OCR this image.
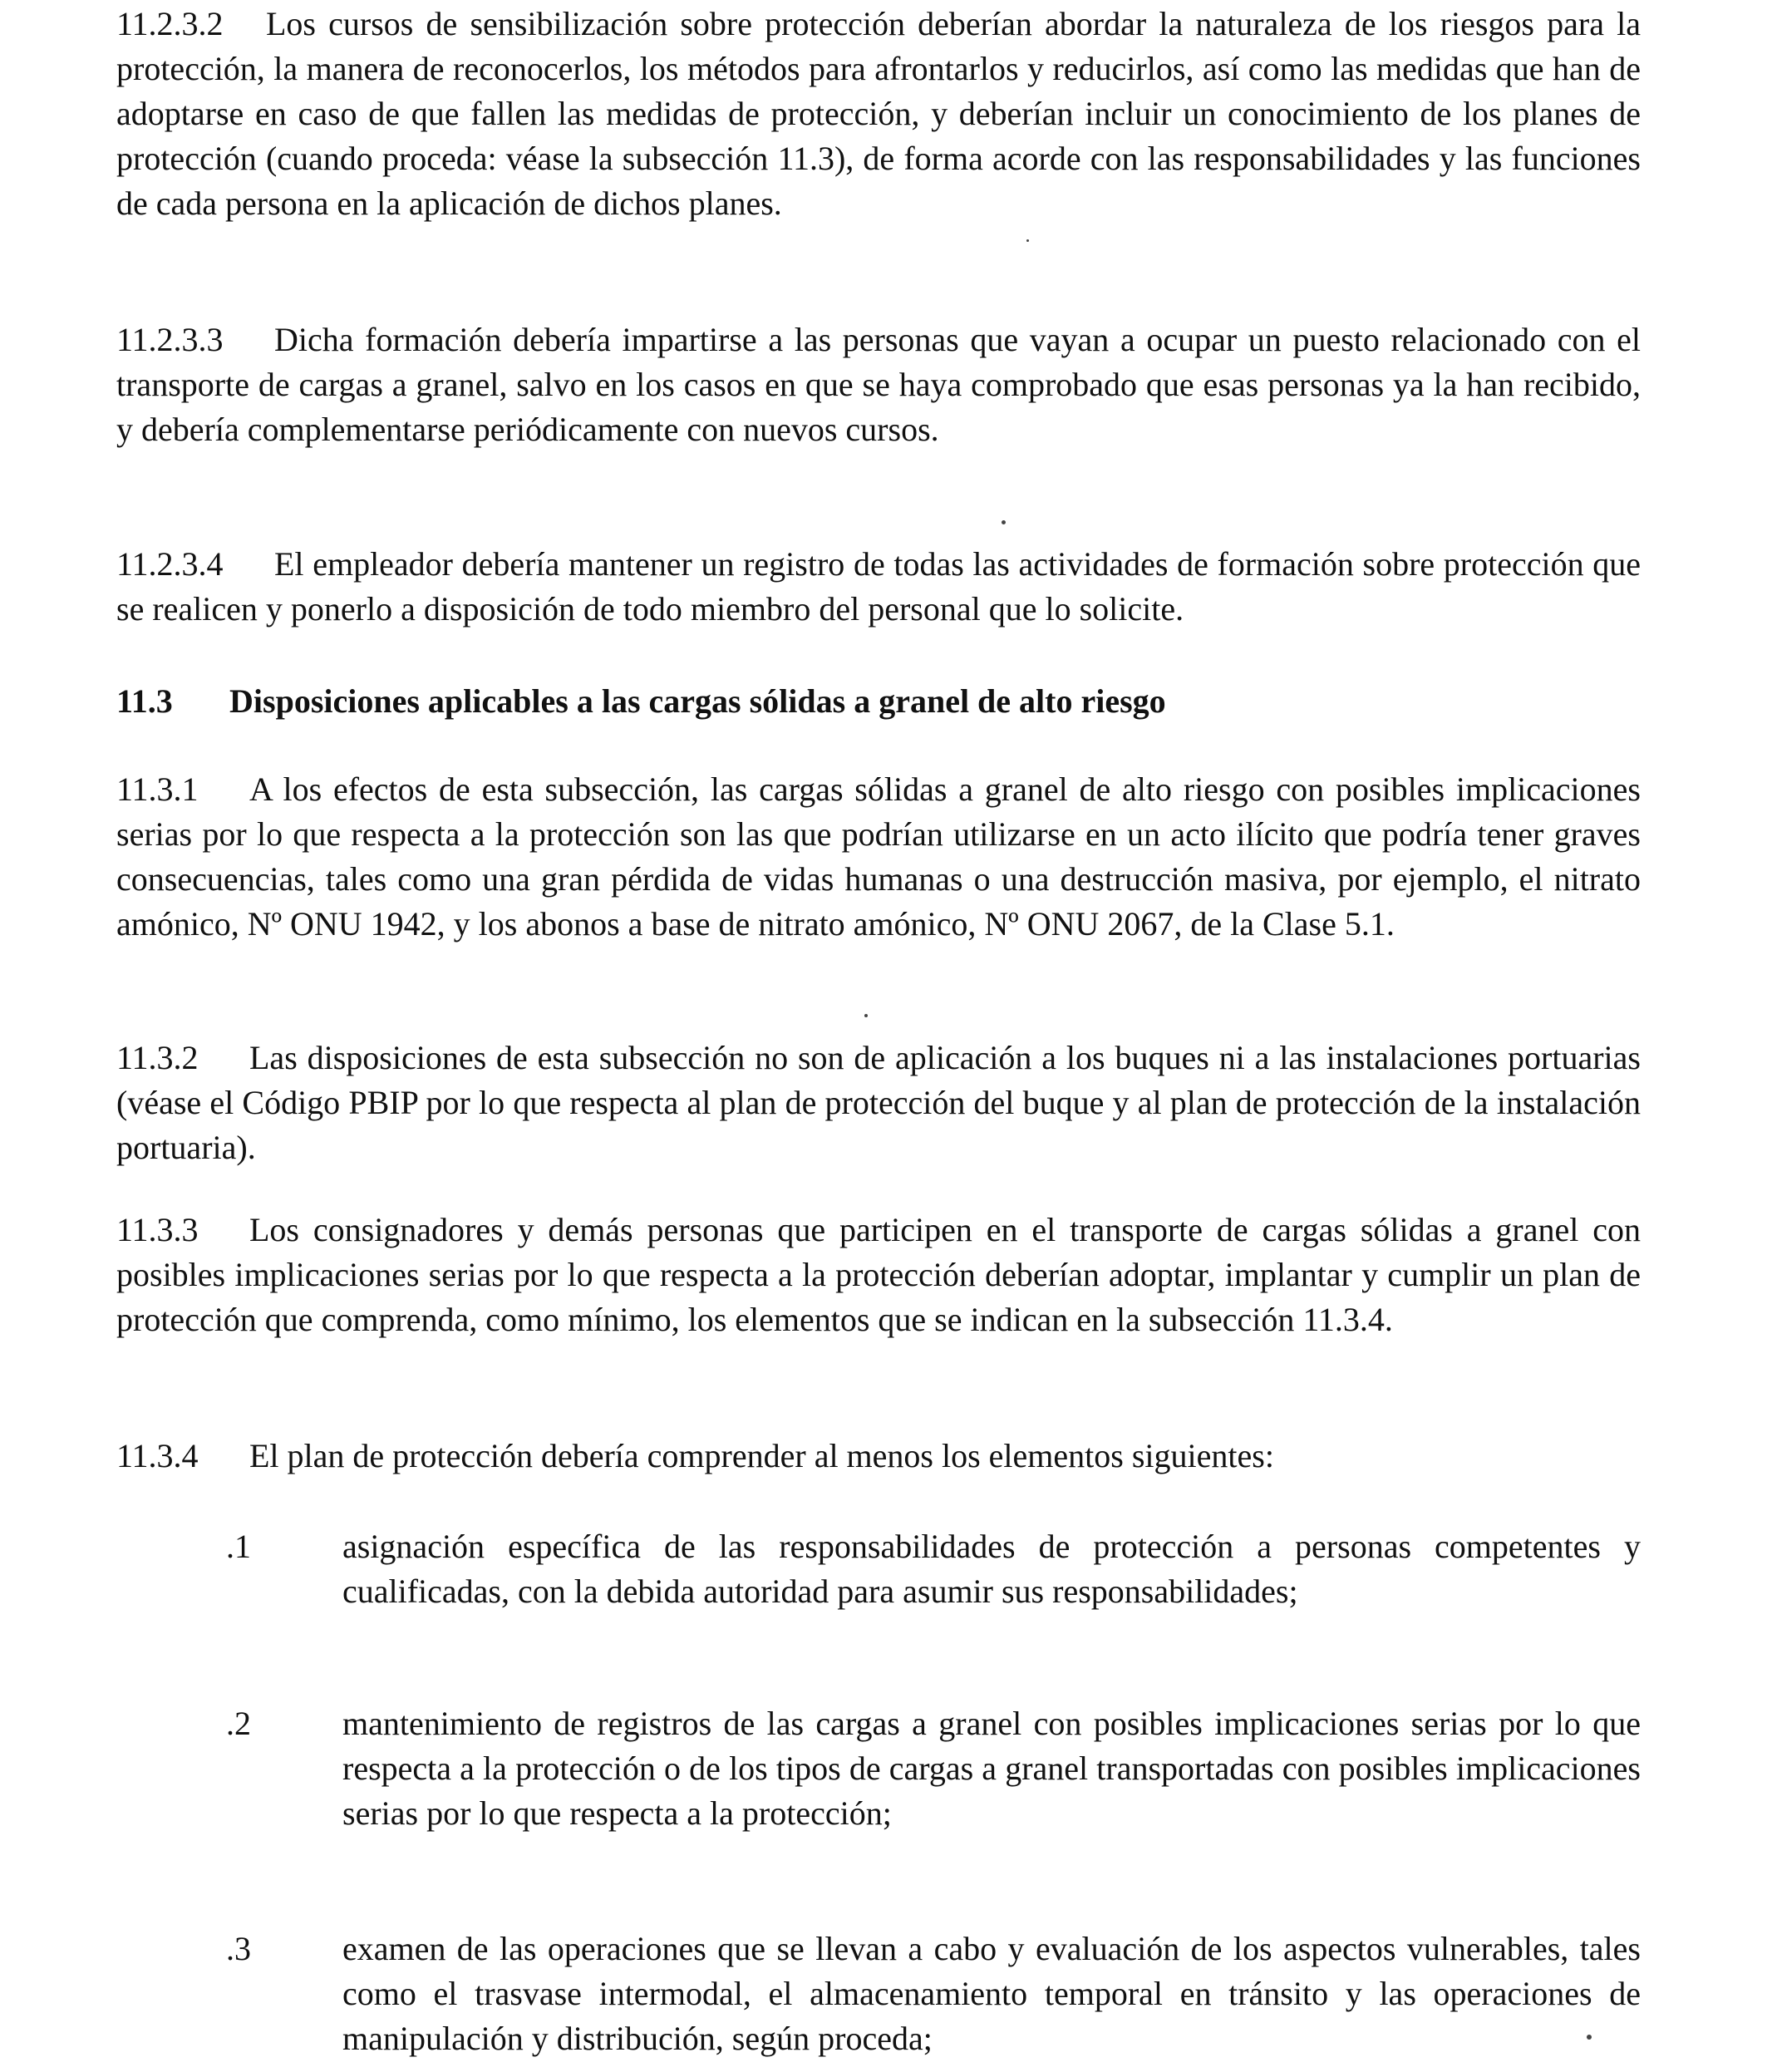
11.2.3.2 Los cursos de sensibilización sobre protección deberían abordar la naturaleza de los riesgos para la protección, la manera de reconocerlos, los métodos para afrontarlos y reducirlos, así como las medidas que han de adoptarse en caso de que fallen las medidas de protección, y deberían incluir un conocimiento de los planes de protección (cuando proceda: véase la subsección 11.3), de forma acorde con las responsabilidades y las funciones de cada persona en la aplicación de dichos planes.

11.2.3.3 Dicha formación debería impartirse a las personas que vayan a ocupar un puesto relacionado con el transporte de cargas a granel, salvo en los casos en que se haya comprobado que esas personas ya la han recibido, y debería complementarse periódicamente con nuevos cursos.

11.2.3.4 El empleador debería mantener un registro de todas las actividades de formación sobre protección que se realicen y ponerlo a disposición de todo miembro del personal que lo solicite.

11.3 Disposiciones aplicables a las cargas sólidas a granel de alto riesgo

11.3.1 A los efectos de esta subsección, las cargas sólidas a granel de alto riesgo con posibles implicaciones serias por lo que respecta a la protección son las que podrían utilizarse en un acto ilícito que podría tener graves consecuencias, tales como una gran pérdida de vidas humanas o una destrucción masiva, por ejemplo, el nitrato amónico, Nº ONU 1942, y los abonos a base de nitrato amónico, Nº ONU 2067, de la Clase 5.1.

11.3.2 Las disposiciones de esta subsección no son de aplicación a los buques ni a las instalaciones portuarias (véase el Código PBIP por lo que respecta al plan de protección del buque y al plan de protección de la instalación portuaria).

11.3.3 Los consignadores y demás personas que participen en el transporte de cargas sólidas a granel con posibles implicaciones serias por lo que respecta a la protección deberían adoptar, implantar y cumplir un plan de protección que comprenda, como mínimo, los elementos que se indican en la subsección 11.3.4.

11.3.4 El plan de protección debería comprender al menos los elementos siguientes:

.1	asignación específica de las responsabilidades de protección a personas competentes y cualificadas, con la debida autoridad para asumir sus responsabilidades;
.2	mantenimiento de registros de las cargas a granel con posibles implicaciones serias por lo que respecta a la protección o de los tipos de cargas a granel transportadas con posibles implicaciones serias por lo que respecta a la protección;
.3	examen de las operaciones que se llevan a cabo y evaluación de los aspectos vulnerables, tales como el trasvase intermodal, el almacenamiento temporal en tránsito y las operaciones de manipulación y distribución, según proceda;
